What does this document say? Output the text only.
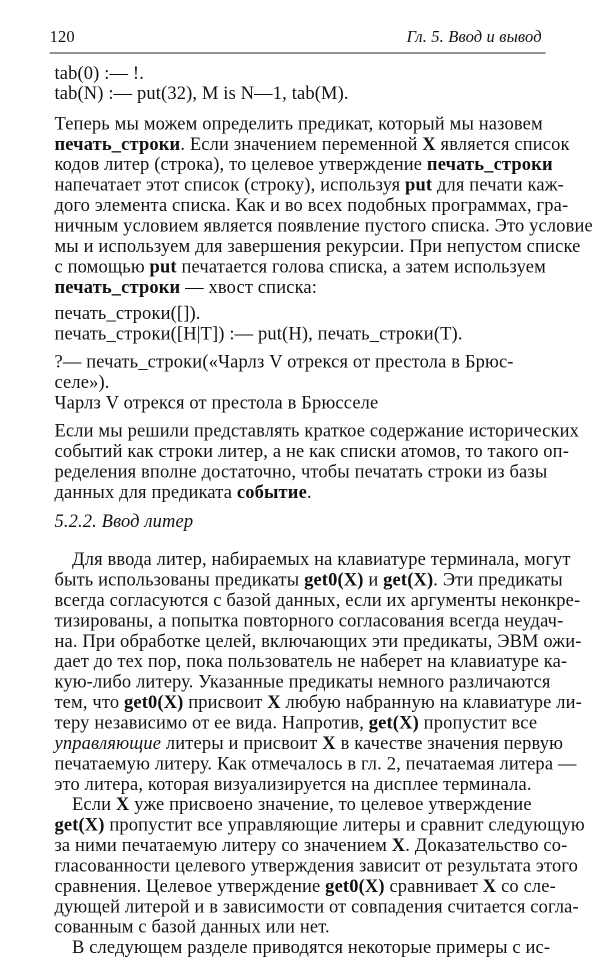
120	Гл. 5. Ввод и вывод
tab(0) :— !.
tab(N) :— put(32), M is N—1, tab(M).
Теперь мы можем определить предикат, который мы назовем
печать_строки. Если значением переменной X является список
кодов литер (строка), то целевое утверждение печать_строки
напечатает этот список (строку), используя put для печати каж-
дого элемента списка. Как и во всех подобных программах, гра-
ничным условием является появление пустого списка. Это условие
мы и используем для завершения рекурсии. При непустом списке
с помощью put печатается голова списка, а затем используем
печать_строки — хвост списка:
печать_строки([]).
печать_строки([H|T]) :— put(H), печать_строки(T).
?— печать_строки(«Чарлз V отрекся от престола в Брюс-
селе»).
Чарлз V отрекся от престола в Брюсселе
Если мы решили представлять краткое содержание исторических
событий как строки литер, а не как списки атомов, то такого оп-
ределения вполне достаточно, чтобы печатать строки из базы
данных для предиката событие.
5.2.2. Ввод литер
Для ввода литер, набираемых на клавиатуре терминала, могут
быть использованы предикаты get0(X) и get(X). Эти предикаты
всегда согласуются с базой данных, если их аргументы неконкре-
тизированы, а попытка повторного согласования всегда неудач-
на. При обработке целей, включающих эти предикаты, ЭВМ ожи-
дает до тех пор, пока пользователь не наберет на клавиатуре ка-
кую-либо литеру. Указанные предикаты немного различаются
тем, что get0(X) присвоит X любую набранную на клавиатуре ли-
теру независимо от ее вида. Напротив, get(X) пропустит все
управляющие литеры и присвоит X в качестве значения первую
печатаемую литеру. Как отмечалось в гл. 2, печатаемая литера —
это литера, которая визуализируется на дисплее терминала.
Если X уже присвоено значение, то целевое утверждение
get(X) пропустит все управляющие литеры и сравнит следующую
за ними печатаемую литеру со значением X. Доказательство со-
гласованности целевого утверждения зависит от результата этого
сравнения. Целевое утверждение get0(X) сравнивает X со сле-
дующей литерой и в зависимости от совпадения считается согла-
сованным с базой данных или нет.
В следующем разделе приводятся некоторые примеры с ис-
